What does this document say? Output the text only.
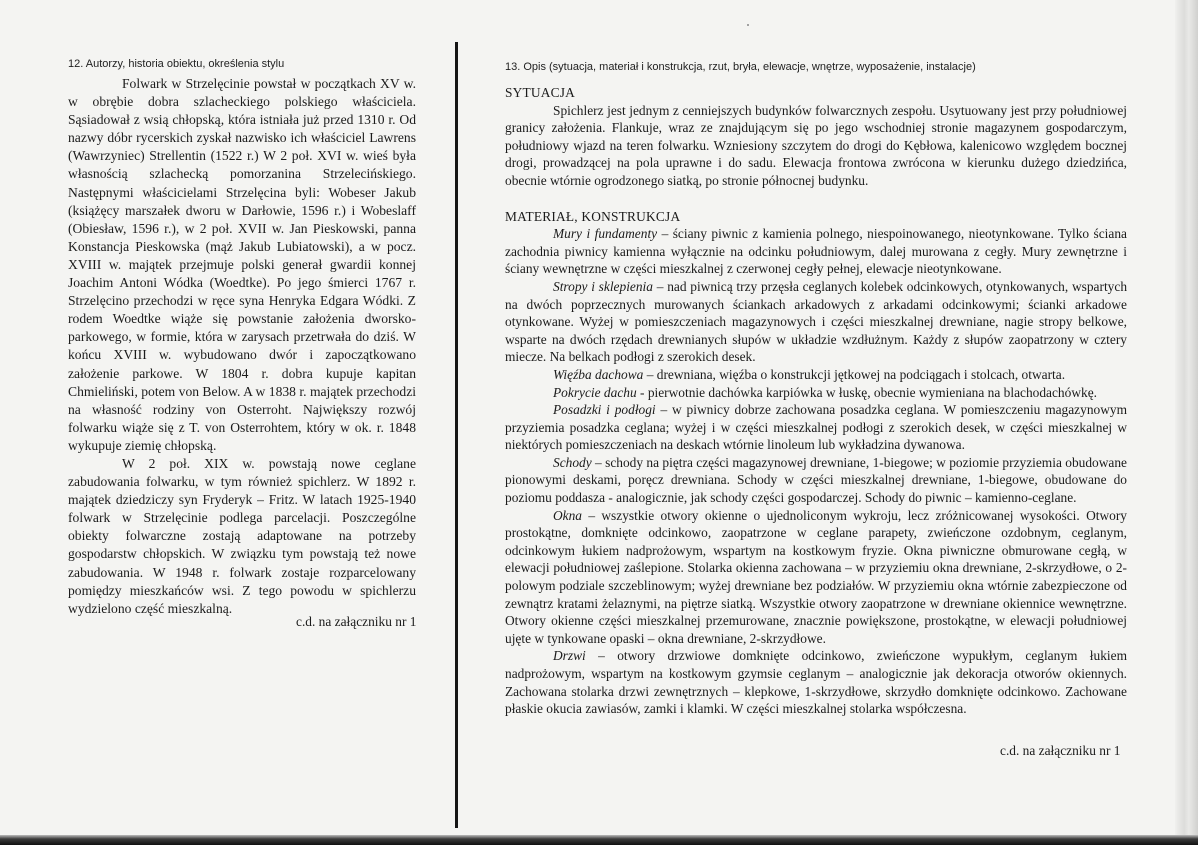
12. Autorzy, historia obiektu, określenia stylu

Folwark w Strzelęcinie powstał w początkach XV w. w obrębie dobra szlacheckiego polskiego właściciela. Sąsiadował z wsią chłopską, która istniała już przed 1310 r. Od nazwy dóbr rycerskich zyskał nazwisko ich właściciel Lawrens (Wawrzyniec) Strellentin (1522 r.) W 2 poł. XVI w. wieś była własnością szlachecką pomorzanina Strzelecińskiego. Następnymi właścicielami Strzelęcina byli: Wobeser Jakub (książęcy marszałek dworu w Darłowie, 1596 r.) i Wobeslaff (Obiesław, 1596 r.), w 2 poł. XVII w. Jan Pieskowski, panna Konstancja Pieskowska (mąż Jakub Lubiatowski), a w pocz. XVIII w. majątek przejmuje polski generał gwardii konnej Joachim Antoni Wódka (Woedtke). Po jego śmierci 1767 r. Strzelęcino przechodzi w ręce syna Henryka Edgara Wódki. Z rodem Woedtke wiąże się powstanie założenia dworsko-parkowego, w formie, która w zarysach przetrwała do dziś. W końcu XVIII w. wybudowano dwór i zapoczątkowano założenie parkowe. W 1804 r. dobra kupuje kapitan Chmieliński, potem von Below. A w 1838 r. majątek przechodzi na własność rodziny von Osterroht. Największy rozwój folwarku wiąże się z T. von Osterrohtem, który w ok. r. 1848 wykupuje ziemię chłopską.

W 2 poł. XIX w. powstają nowe ceglane zabudowania folwarku, w tym również spichlerz. W 1892 r. majątek dziedziczy syn Fryderyk – Fritz. W latach 1925-1940 folwark w Strzelęcinie podlega parcelacji. Poszczególne obiekty folwarczne zostają adaptowane na potrzeby gospodarstw chłopskich. W związku tym powstają też nowe zabudowania. W 1948 r. folwark zostaje rozparcelowany pomiędzy mieszkańców wsi. Z tego powodu w spichlerzu wydzielono część mieszkalną.

c.d. na załączniku nr 1
13. Opis (sytuacja, materiał i konstrukcja, rzut, bryła, elewacje, wnętrze, wyposażenie, instalacje)
SYTUACJA

Spichlerz jest jednym z cenniejszych budynków folwarcznych zespołu. Usytuowany jest przy południowej granicy założenia. Flankuje, wraz ze znajdującym się po jego wschodniej stronie magazynem gospodarczym, południowy wjazd na teren folwarku. Wzniesiony szczytem do drogi do Kębłowa, kalenicowo względem bocznej drogi, prowadzącej na pola uprawne i do sadu. Elewacja frontowa zwrócona w kierunku dużego dziedzińca, obecnie wtórnie ogrodzonego siatką, po stronie północnej budynku.

MATERIAŁ, KONSTRUKCJA

Mury i fundamenty – ściany piwnic z kamienia polnego, niespoinowanego, nieotynkowane. Tylko ściana zachodnia piwnicy kamienna wyłącznie na odcinku południowym, dalej murowana z cegły. Mury zewnętrzne i ściany wewnętrzne w części mieszkalnej z czerwonej cegły pełnej, elewacje nieotynkowane.

Stropy i sklepienia – nad piwnicą trzy przęsła ceglanych kolebek odcinkowych, otynkowanych, wspartych na dwóch poprzecznych murowanych ściankach arkadowych z arkadami odcinkowymi; ścianki arkadowe otynkowane. Wyżej w pomieszczeniach magazynowych i części mieszkalnej drewniane, nagie stropy belkowe, wsparte na dwóch rzędach drewnianych słupów w układzie wzdłużnym. Każdy z słupów zaopatrzony w cztery miecze. Na belkach podłogi z szerokich desek.

Więźba dachowa – drewniana, więźba o konstrukcji jętkowej na podciągach i stolcach, otwarta.

Pokrycie dachu - pierwotnie dachówka karpiówka w łuskę, obecnie wymieniana na blachodachówkę.

Posadzki i podłogi – w piwnicy dobrze zachowana posadzka ceglana. W pomieszczeniu magazynowym przyziemia posadzka ceglana; wyżej i w części mieszkalnej podłogi z szerokich desek, w części mieszkalnej w niektórych pomieszczeniach na deskach wtórnie linoleum lub wykładzina dywanowa.

Schody – schody na piętra części magazynowej drewniane, 1-biegowe; w poziomie przyziemia obudowane pionowymi deskami, poręcz drewniana. Schody w części mieszkalnej drewniane, 1-biegowe, obudowane do poziomu poddasza - analogicznie, jak schody części gospodarczej. Schody do piwnic – kamienno-ceglane.

Okna – wszystkie otwory okienne o ujednoliconym wykroju, lecz zróżnicowanej wysokości. Otwory prostokątne, domknięte odcinkowo, zaopatrzone w ceglane parapety, zwieńczone ozdobnym, ceglanym, odcinkowym łukiem nadprożowym, wspartym na kostkowym fryzie. Okna piwniczne obmurowane cegłą, w elewacji południowej zaślepione. Stolarka okienna zachowana – w przyziemiu okna drewniane, 2-skrzydłowe, o 2-polowym podziale szczeblinowym; wyżej drewniane bez podziałów. W przyziemiu okna wtórnie zabezpieczone od zewnątrz kratami żelaznymi, na piętrze siatką. Wszystkie otwory zaopatrzone w drewniane okiennice wewnętrzne. Otwory okienne części mieszkalnej przemurowane, znacznie powiększone, prostokątne, w elewacji południowej ujęte w tynkowane opaski – okna drewniane, 2-skrzydłowe.

Drzwi – otwory drzwiowe domknięte odcinkowo, zwieńczone wypukłym, ceglanym łukiem nadprożowym, wspartym na kostkowym gzymsie ceglanym – analogicznie jak dekoracja otworów okiennych. Zachowana stolarka drzwi zewnętrznych – klepkowe, 1-skrzydłowe, skrzydło domknięte odcinkowo. Zachowane płaskie okucia zawiasów, zamki i klamki. W części mieszkalnej stolarka współczesna.

c.d. na załączniku nr 1
